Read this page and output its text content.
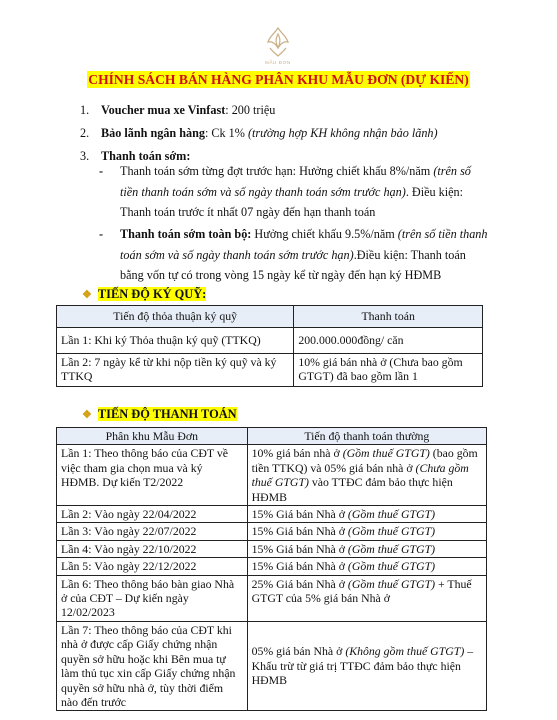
MẪU ĐƠN
CHÍNH SÁCH BÁN HÀNG PHÂN KHU MẪU ĐƠN (DỰ KIẾN)
1. Voucher mua xe Vinfast: 200 triệu
2. Bảo lãnh ngân hàng: Ck 1% (trường hợp KH không nhận bảo lãnh)
3. Thanh toán sớm:
- Thanh toán sớm từng đợt trước hạn: Hưởng chiết khấu 8%/năm (trên số tiền thanh toán sớm và số ngày thanh toán sớm trước hạn). Điều kiện: Thanh toán trước ít nhất 07 ngày đến hạn thanh toán
- Thanh toán sớm toàn bộ: Hưởng chiết khấu 9.5%/năm (trên số tiền thanh toán sớm và số ngày thanh toán sớm trước hạn).Điều kiện: Thanh toán bằng vốn tự có trong vòng 15 ngày kể từ ngày đến hạn ký HĐMB
❖ TIẾN ĐỘ KÝ QUỸ:
Tiến độ thỏa thuận ký quỹ	Thanh toán
Lần 1: Khi ký Thỏa thuận ký quỹ (TTKQ)	200.000.000đồng/ căn
Lần 2: 7 ngày kể từ khi nộp tiền ký quỹ và ký TTKQ	10% giá bán nhà ở (Chưa bao gồm GTGT) đã bao gồm lần 1
❖ TIẾN ĐỘ THANH TOÁN
Phân khu Mẫu Đơn	Tiến độ thanh toán thường
Lần 1: Theo thông báo của CĐT về việc tham gia chọn mua và ký HĐMB. Dự kiến T2/2022	10% giá bán nhà ở (Gồm thuế GTGT) (bao gồm tiền TTKQ) và 05% giá bán nhà ở (Chưa gồm thuế GTGT) vào TTĐC đảm bảo thực hiện HĐMB
Lần 2: Vào ngày 22/04/2022	15% Giá bán Nhà ở (Gồm thuế GTGT)
Lần 3: Vào ngày 22/07/2022	15% Giá bán Nhà ở (Gồm thuế GTGT)
Lần 4: Vào ngày 22/10/2022	15% Giá bán Nhà ở (Gồm thuế GTGT)
Lần 5: Vào ngày 22/12/2022	15% Giá bán Nhà ở (Gồm thuế GTGT)
Lần 6: Theo thông báo bàn giao Nhà ở của CĐT – Dự kiến ngày 12/02/2023	25% Giá bán Nhà ở (Gồm thuế GTGT) + Thuế GTGT của 5% giá bán Nhà ở
Lần 7: Theo thông báo của CĐT khi nhà ở được cấp Giấy chứng nhận quyền sở hữu hoặc khi Bên mua tự làm thủ tục xin cấp Giấy chứng nhận quyền sở hữu nhà ở, tùy thời điểm nào đến trước	05% giá bán Nhà ở (Không gồm thuế GTGT) – Khấu trừ từ giá trị TTĐC đảm bảo thực hiện HĐMB
